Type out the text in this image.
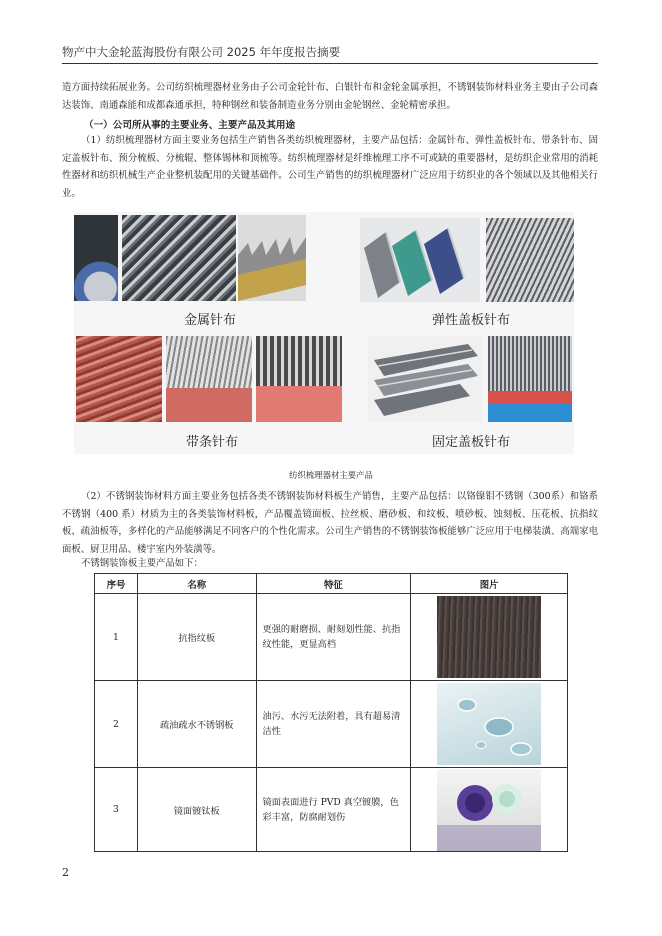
物产中大金轮蓝海股份有限公司 2025 年年度报告摘要

造方面持续拓展业务。公司纺织梳理器材业务由子公司金轮针布、白银针布和金轮金属承担，不锈钢装饰材料业务主要由子公司森达装饰、南通森能和成都森通承担，特种钢丝和装备制造业务分别由金轮钢丝、金轮精密承担。

（一）公司所从事的主要业务、主要产品及其用途

（1）纺织梳理器材方面主要业务包括生产销售各类纺织梳理器材，主要产品包括：金属针布、弹性盖板针布、带条针布、固定盖板针布、预分梳板、分梳辊、整体锡林和顶梳等。纺织梳理器材是纤维梳理工序不可或缺的重要器材，是纺织企业常用的消耗性器材和纺织机械生产企业整机装配用的关键基础件。公司生产销售的纺织梳理器材广泛应用于纺织业的各个领域以及其他相关行业。

金属针布	弹性盖板针布
带条针布	固定盖板针布
纺织梳理器材主要产品

（2）不锈钢装饰材料方面主要业务包括各类不锈钢装饰材料板生产销售，主要产品包括：以铬镍钼不锈钢（300系）和铬系不锈钢（400 系）材质为主的各类装饰材料板，产品覆盖镜面板、拉丝板、磨砂板、和纹板、喷砂板、蚀刻板、压花板、抗指纹板、疏油板等，多样化的产品能够满足不同客户的个性化需求。公司生产销售的不锈钢装饰板能够广泛应用于电梯装潢、高端家电面板、厨卫用品、楼宇室内外装潢等。

不锈钢装饰板主要产品如下：

序号	名称	特征	图片
1	抗指纹板	更强的耐磨损、耐刻划性能、抗指纹性能，更显高档	

2	疏油疏水不锈钢板	油污、水污无法附着，具有超易清洁性	

3	镜面镀钛板	镜面表面进行 PVD 真空镀膜，色彩丰富，防腐耐划伤	
2
